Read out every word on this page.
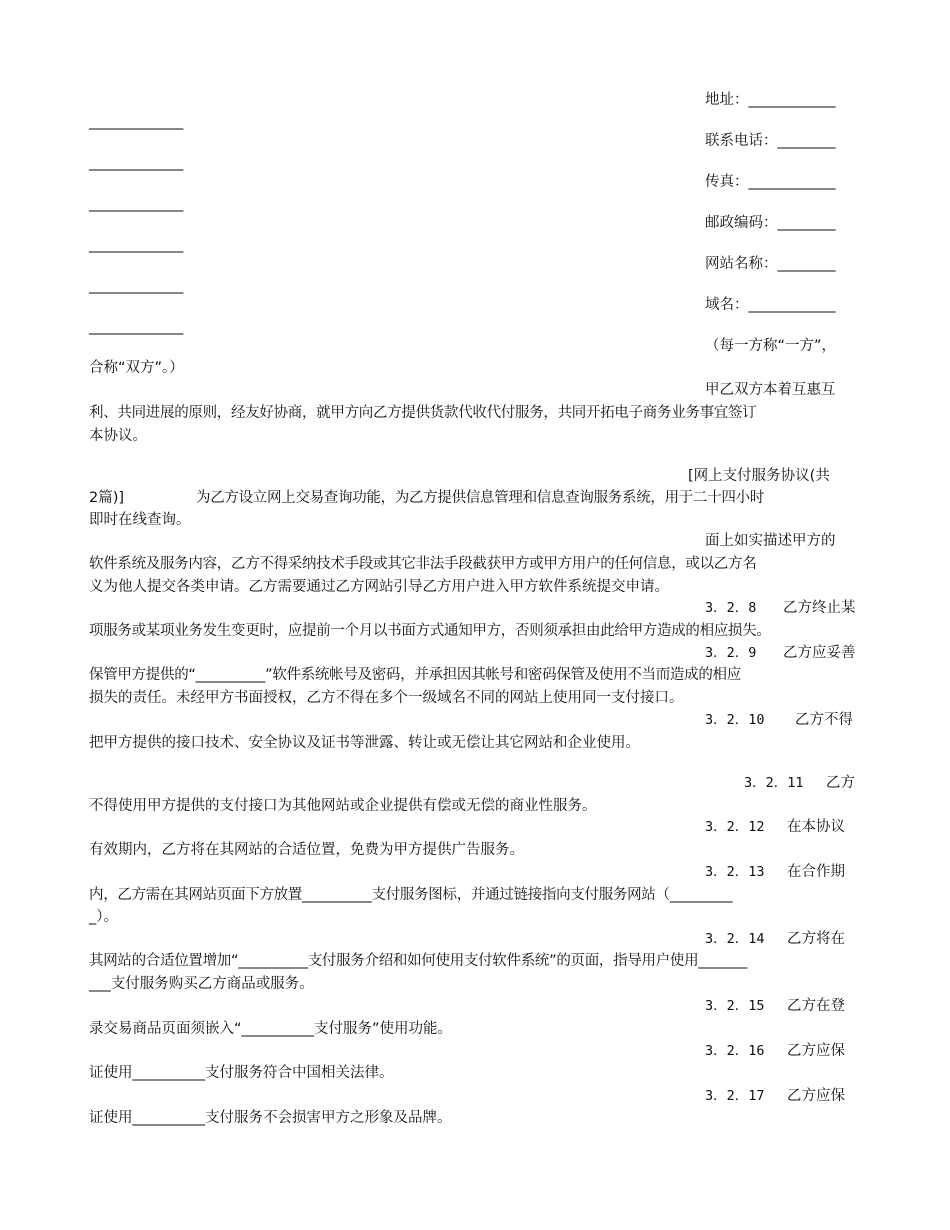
地址：____________
_____________
联系电话：________
_____________
传真：____________
_____________
邮政编码：________
_____________
网站名称：________
_____________
域名：____________
_____________
（每一方称“一方”，
合称“双方”。）
甲乙双方本着互惠互
利、共同进展的原则，经友好协商，就甲方向乙方提供货款代收代付服务，共同开拓电子商务业务事宜签订
本协议。
[网上支付服务协议(共
2篇)]	为乙方设立网上交易查询功能，为乙方提供信息管理和信息查询服务系统，用于二十四小时
即时在线查询。
面上如实描述甲方的
软件系统及服务内容，乙方不得采纳技术手段或其它非法手段截获甲方或甲方用户的任何信息，或以乙方名
义为他人提交各类申请。乙方需要通过乙方网站引导乙方用户进入甲方软件系统提交申请。
3．2．8 乙方终止某
项服务或某项业务发生变更时，应提前一个月以书面方式通知甲方，否则须承担由此给甲方造成的相应损失。
3．2．9 乙方应妥善
保管甲方提供的“__________”软件系统帐号及密码，并承担因其帐号和密码保管及使用不当而造成的相应
损失的责任。未经甲方书面授权，乙方不得在多个一级域名不同的网站上使用同一支付接口。
3．2．10 乙方不得
把甲方提供的接口技术、安全协议及证书等泄露、转让或无偿让其它网站和企业使用。
3．2．11 乙方
不得使用甲方提供的支付接口为其他网站或企业提供有偿或无偿的商业性服务。
3．2．12 在本协议
有效期内，乙方将在其网站的合适位置，免费为甲方提供广告服务。
3．2．13 在合作期
内，乙方需在其网站页面下方放置__________支付服务图标，并通过链接指向支付服务网站（_________
_）。
3．2．14 乙方将在
其网站的合适位置增加“__________支付服务介绍和如何使用支付软件系统”的页面，指导用户使用_______
___支付服务购买乙方商品或服务。
3．2．15 乙方在登
录交易商品页面须嵌入“__________支付服务”使用功能。
3．2．16 乙方应保
证使用__________支付服务符合中国相关法律。
3．2．17 乙方应保
证使用__________支付服务不会损害甲方之形象及品牌。
